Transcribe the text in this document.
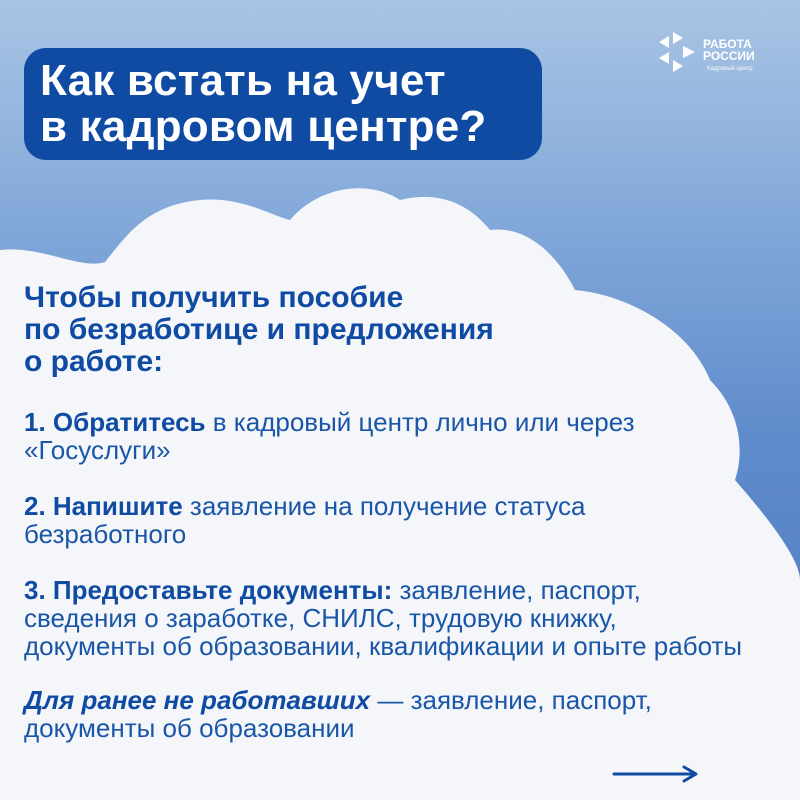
Как встать на учет
в кадровом центре?
РАБОТА
РОССИИ
Кадровый центр

Чтобы получить пособие
по безработице и предложения
о работе:

1. Обратитесь в кадровый центр лично или через «Госуслуги»

2. Напишите заявление на получение статуса безработного

3. Предоставьте документы: заявление, паспорт, сведения о заработке, СНИЛС, трудовую книжку, документы об образовании, квалификации и опыте работы

Для ранее не работавших — заявление, паспорт, документы об образовании
